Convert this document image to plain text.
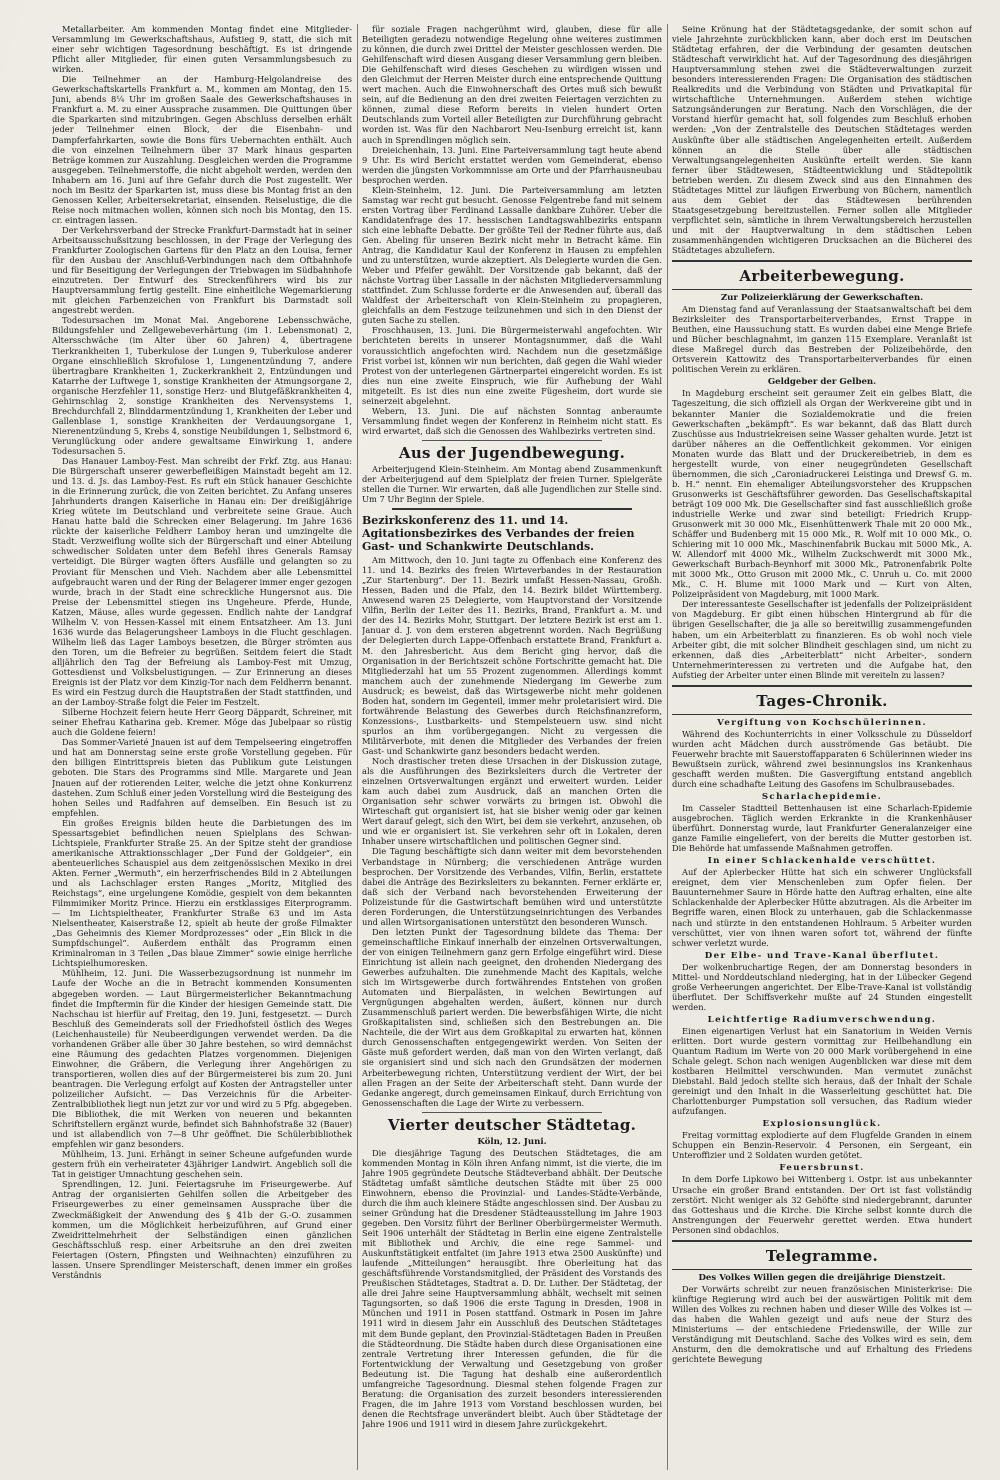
Metallarbeiter. Am kommenden Montag findet eine Mitglieder-Versammlung im Gewerkschaftshaus, Aufstieg 9, statt, die sich mit einer sehr wichtigen Tagesordnung beschäftigt. Es ist dringende Pflicht aller Mitglieder, für einen guten Versammlungsbesuch zu wirken.

Die Teilnehmer an der Hamburg-Helgolandreise des Gewerkschaftskartells Frankfurt a. M., kommen am Montag, den 15. Juni, abends 8¼ Uhr im großen Saale des Gewerkschaftshauses in Frankfurt a. M. zu einer Aussprache zusammen. Die Quittungen über die Sparkarten sind mitzubringen. Gegen Abschluss derselben erhält jeder Teilnehmer einen Block, der die Eisenbahn- und Dampferfahrkarten, sowie die Bons fürs Uebernachten enthält. Auch die von einzelnen Teilnehmern über 37 Mark hinaus gesparten Beträge kommen zur Auszahlung. Desgleichen werden die Programme ausgegeben. Teilnehmerstoffe, die nicht abgeholt werden, werden den Inhabern am 16. Juni auf ihre Gefahr durch die Post zugestellt. Wer noch im Besitz der Sparkarten ist, muss diese bis Montag frist an den Genossen Keller, Arbeitersekretariat, einsenden. Reiselustige, die die Reise noch mitmachen wollen, können sich noch bis Montag, den 15. cr. eintragen lassen.

Der Verkehrsverband der Strecke Frankfurt-Darmstadt hat in seiner Arbeitsausschußsitzung beschlossen, in der Frage der Verlegung des Frankfurter Zoologischen Gartens für den Platz an den Louisa, ferner für den Ausbau der Anschluß-Verbindungen nach dem Oftbahnhofe und für Beseitigung der Verlegungen der Triebwagen im Südbahnhofe einzutreten. Der Entwurf des Streckenführers wird bis zur Hauptversammlung fertig gestellt. Eine einheitliche Wegemarkierung mit gleichen Farbenzeichen von Frankfurt bis Darmstadt soll angestrebt werden.

Todesursachen im Monat Mai. Angeborene Lebensschwäche, Bildungsfehler und Zellgewebeverhärtung (im 1. Lebensmonat) 2, Altersschwäche (im Alter über 60 Jahren) 4, übertragene Tierkrankheiten 1, Tuberkulose der Lungen 9, Tuberkulose anderer Organe einschließlich Skrofulose 1, Lungenentzündung 7, andere übertragbare Krankheiten 1, Zuckerkrankheit 2, Entzündungen und Katarrhe der Luftwege 1, sonstige Krankheiten der Atmungsorgane 2, organische Herzfehler 11, sonstige Herz- und Blutgefäßkrankheiten 4, Gehirnschlag 2, sonstige Krankheiten des Nervensystems 1, Brechdurchfall 2, Blinddarmentzündung 1, Krankheiten der Leber und Gallenblase 1, sonstige Krankheiten der Verdauungsorgane 1, Nierenentzündung 5, Krebs 4, sonstige Neubildungen 1, Selbstmord 6, Verunglückung oder andere gewaltsame Einwirkung 1, andere Todesursachen 5.

Das Hanauer Lamboy-Fest. Man schreibt der Frkf. Ztg. aus Hanau: Die Bürgerschaft unserer gewerbefleißigen Mainstadt begeht am 12. und 13. d. Js. das Lamboy-Fest. Es ruft ein Stück hanauer Geschichte in die Erinnerung zurück, die von Zeiten berichtet. Zu Anfang unseres Jahrhunderts drangen Kaiserliche in Hanau ein: Der dreißigjährige Krieg wütete im Deutschland und verbreitete seine Graue. Auch Hanau hatte bald die Schrecken einer Belagerung. Im Jahre 1636 rückte der kaiserliche Feldherr Lamboy heran und umzingelte die Stadt. Verzweiflung wollte sich der Bürgerschaft und einer Abteilung schwedischer Soldaten unter dem Befehl ihres Generals Ramsay verteidigt. Die Bürger wagten öfters Ausfälle und gelangten so zu Proviant für Menschen und Vieh. Nachdem aber alle Lebensmittel aufgebraucht waren und der Ring der Belagerer immer enger gezogen wurde, brach in der Stadt eine schreckliche Hungersnot aus. Die Preise der Lebensmittel stiegen ins Ungeheure. Pferde, Hunde, Katzen, Mäuse, alles wurde gegessen. Endlich nahte der Landgraf Wilhelm V. von Hessen-Kassel mit einem Entsatzheer. Am 13. Juni 1636 wurde das Belagerungsheer Lamboys in die Flucht geschlagen. Wilhelm ließ das Lager Lamboys besetzen, die Bürger strömten aus den Toren, um die Befreier zu begrüßen. Seitdem feiert die Stadt alljährlich den Tag der Befreiung als Lamboy-Fest mit Umzug, Gottesdienst und Volksbelustigungen. — Zur Erinnerung an dieses Ereignis ist der Platz vor dem Kinzig-Tor nach dem Feldherrn benannt. Es wird ein Festzug durch die Hauptstraßen der Stadt stattfinden, und an der Lamboy-Straße folgt die Feier im Festzelt.

Silberne Hochzeit feiern heute Herr Georg Däppardt, Schreiner, mit seiner Ehefrau Katharina geb. Kremer. Möge das Jubelpaar so rüstig auch die Goldene feiern!

Das Sommer-Varieté Jnauen ist auf dem Tempelseering eingetroffen und hat am Donnerstag seine erste große Vorstellung gegeben. Für den billigen Eintrittspreis bieten das Publikum gute Leistungen geboten. Die Stars des Programms sind Mlle. Margarete und Jean Jnauen auf der rotierenden Leiter, welche die jetzt ohne Konkurrenz dastehen. Zum Schluß einer jeden Vorstellung wird die Besteigung des hohen Seiles und Radfahren auf demselben. Ein Besuch ist zu empfehlen.

Ein großes Ereignis bilden heute die Darbietungen des im Spessartsgebiet befindlichen neuen Spielplans des Schwan-Lichtspiele, Frankfurter Straße 25. An der Spitze steht der grandiose amerikanische Attraktionsschlager „Der Fund der Goldgeier“, ein abenteuerliches Schauspiel aus dem zeitgenössischen Mexiko in drei Akten. Ferner „Wermuth“, ein herzerfrischendes Bild in 2 Abteilungen und als Lachschlager ersten Ranges „Moritz, Mitglied des Reichstags“, eine urgelungene Komödie, gespielt von dem bekannten Filmmimiker Moritz Prince. Hierzu ein erstklassiges Eiterprogramm. — Im Lichtspieltheater, Frankfurter Straße 63 und im Asta Nielsentheater, Kaiserstraße 12, spielt ab heute der große Filmakter „Das Geheimnis des Kiemer Mordprozesses“ oder „Ein Blick in die Sumpfdschungel“. Außerdem enthält das Programm einen Kriminalroman in 3 Teilen „Das blaue Zimmer“ sowie einige herrliche Lichtspielhumoresken.

Mühlheim, 12. Juni. Die Wasserbezugsordnung ist nunmehr im Laufe der Woche an die in Betracht kommenden Konsumenten abgegeben worden. — Laut Bürgermeisterlicher Bekanntmachung findet die Impftermin für die Kinder der hiesigen Gemeinde statt. Die Nachschau ist hierfür auf Freitag, den 19. Juni, festgesetzt. — Durch Beschluß des Gemeinderats soll der Friedhofsteil östlich des Weges (Leichenhausteile) für Neubeerdigungen verwendet werden. Da die vorhandenen Gräber alle über 30 Jahre bestehen, so wird demnächst eine Räumung des gedachten Platzes vorgenommen. Diejenigen Einwohner, die Gräbern, die Verlegung ihrer Angehörigen zu transportieren, wollen dies auf der Bürgermeisterei bis zum 20. Juni beantragen. Die Verlegung erfolgt auf Kosten der Antragsteller unter polizeilicher Aufsicht. — Das Verzeichnis für die Arbeiter-Zentralbibliothek liegt nun jetzt zur vor und wird zu 5 Pfg. abgegeben. Die Bibliothek, die mit Werken von neueren und bekannten Schriftstellern ergänzt wurde, befindet sich Bahnhofstraße 32 (Bauer) und ist allabendlich von 7—8 Uhr geöffnet. Die Schülerbibliothek empfehlen wir ganz besonders.

Mühlheim, 13. Juni. Erhängt in seiner Scheune aufgefunden wurde gestern früh ein verheirateter 43jähriger Landwirt. Angeblich soll die Tat in geistiger Umnachtung geschehen sein.

Sprendlingen, 12. Juni. Feiertagsruhe im Friseurgewerbe. Auf Antrag der organisierten Gehilfen sollen die Arbeitgeber des Friseurgewerbes zu einer gemeinsamen Aussprache über die Zweckmäßigkeit der Anwendung des § 41b der G.-O. zusammen kommen, um die Möglichkeit herbeizuführen, auf Grund einer Zweidrittelmehrheit der Selbständigen einen gänzlichen Geschäftsschluß resp. einer Arbeitsruhe an den drei zweiten Feiertagen (Ostern, Pfingsten und Weihnachten) einzuführen zu lassen. Unsere Sprendlinger Meisterschaft, denen immer ein großes Verständnis

für soziale Fragen nachgerühmt wird, glauben, diese für alle Beteiligten geradezu notwendige Regelung ohne weiteres zustimmen zu können, die durch zwei Drittel der Meister geschlossen werden. Die Gehilfenschaft wird diesen Ausgang dieser Versammlung gern bleiben. Die Gehilfenschaft wird dieses Geschehen zu würdigen wissen und den Gleichmut der Herren Meister durch eine entsprechende Quittung wert machen. Auch die Einwohnerschaft des Ortes muß sich bewußt sein, auf die Bedienung an den drei zweiten Feiertagen verzichten zu können, zumal diese Reform bereits in vielen hundert Orten Deutschlands zum Vorteil aller Beteiligten zur Durchführung gebracht worden ist. Was für den Nachbarort Neu-Isenburg erreicht ist, kann auch in Sprendlingen möglich sein.

Dreieichenhain, 13. Juni. Eine Parteiversammlung tagt heute abend 9 Uhr. Es wird Bericht erstattet werden vom Gemeinderat, ebenso werden die jüngsten Vorkommnisse am Orte und der Pfarrhausneubau besprochen werden.

Klein-Steinheim, 12. Juni. Die Parteiversammlung am letzten Samstag war recht gut besucht. Genosse Felgentrebe fand mit seinem ersten Vortrag über Ferdinand Lassalle dankbare Zuhörer. Ueber die Kandidatenfrage des 17. hessischen Landtagswahlbezirks entspann sich eine lebhafte Debatte. Der größte Teil der Redner führte aus, daß Gen. Abeling für unseren Bezirk nicht mehr in Betracht käme. Ein Antrag, die Kandidatur Kaul der Konferenz in Hausen zu empfehlen und zu unterstützen, wurde akzeptiert. Als Delegierte wurden die Gen. Weber und Pfeifer gewählt. Der Vorsitzende gab bekannt, daß der nächste Vortrag über Lassalle in der nächsten Mitgliederversammlung stattfindet. Zum Schlusse forderte er die Anwesenden auf, überall das Waldfest der Arbeiterschaft von Klein-Steinheim zu propagieren, gleichfalls an dem Festzuge teilzunehmen und sich in den Dienst der guten Sache zu stellen.

Froschhausen, 13. Juni. Die Bürgermeisterwahl angefochten. Wir berichteten bereits in unserer Montagsnummer, daß die Wahl voraussichtlich angefochten wird. Nachdem nun die gesetzmäßige Frist vorbei ist, können wir nun berichten, daß gegen die Wahl wieder Protest von der unterlegenen Gärtnerpartei eingereicht worden. Es ist dies nun eine zweite Einspruch, wie für Aufhebung der Wahl mitgeteilt. Es ist dies nun eine zweite Fügesheim, dort wurde sie seinerzeit abgelehnt.

Webern, 13. Juni. Die auf nächsten Sonntag anberaumte Versammlung findet wegen der Konferenz in Reinheim nicht statt. Es wird erwartet, daß sich die Genossen des Wahlbezirks vertreten sind.

Aus der Jugendbewegung.

Arbeiterjugend Klein-Steinheim. Am Montag abend Zusammenkunft der Arbeiterjugend auf dem Spielplatz der freien Turner. Spielgeräte stellen die Turner. Wir erwarten, daß alle Jugendlichen zur Stelle sind. Um 7 Uhr Beginn der Spiele.

Bezirkskonferenz des 11. und 14. Agitationsbezirkes des Verbandes der freien Gast- und Schankwirte Deutschlands.

Am Mittwoch, den 10. Juni tagte zu Offenbach eine Konferenz des 11. und 14. Bezirks des freien Wirteverbandes in der Restauration „Zur Startenburg“. Der 11. Bezirk umfaßt Hessen-Nassau, Großh. Hessen, Baden und die Pfalz, den 14. Bezirk bildet Württemberg. Anwesend waren 25 Delegierte, vom Hauptvorstand der Vorsitzende Vilfin, Berlin der Leiter des 11. Bezirks, Brand, Frankfurt a. M. und der des 14. Bezirks Mohr, Stuttgart. Der letztere Bezirk ist erst am 1. Januar d. J. von dem ersteren abgetrennt worden. Nach Begrüßung der Delegierten durch Lappe-Offenbach erstattete Brand, Frankfurt a. M. den Jahresbericht. Aus dem Bericht ging hervor, daß die Organisation in der Berichtszeit schöne Fortschritte gemacht hat. Die Mitgliederzahl hat um 55 Prozent zugenommen. Allerdings kommt manchem auch der zunehmende Niedergang im Gewerbe zum Ausdruck; es beweist, daß das Wirtsgewerbe nicht mehr goldenen Boden hat, sondern im Gegenteil, immer mehr proletarisiert wird. Die fortwährende Belastung des Gewerbes durch Reichsfinanzreform, Konzessions-, Lustbarkeits- und Stempelsteuern usw. sind nicht spurlos an ihm vorübergegangen. Nicht zu vergessen die Militärverbote, mit denen die Mitglieder des Verbandes der freien Gast- und Schankwirte ganz besonders bedacht werden.

Noch drastischer treten diese Ursachen in der Diskussion zutage, als die Ausführungen des Bezirksleiters durch die Vertreter der einzelnen Ortsverwaltungen ergänzt und erweitert wurden. Leider kam auch dabei zum Ausdruck, daß an manchen Orten die Organisation sehr schwer vorwärts zu bringen ist. Obwohl die Wirteschaft gut organisiert ist, hat sie bisher wenig oder gar keinen Wert darauf gelegt, sich den Wirt, bei dem sie verkehrt, anzusehen, ob und wie er organisiert ist. Sie verkehren sehr oft in Lokalen, deren Inhaber unsere wirtschaftlichen und politischen Gegner sind.

Die Tagung beschäftigte sich dann weiter mit dem bevorstehenden Verbandstage in Nürnberg; die verschiedenen Anträge wurden besprochen. Der Vorsitzende des Verbandes, Vilfin, Berlin, erstattete dabei die Anträge des Bezirksleiters zu bekannten. Ferner erklärte er, daß sich der Verband nach bevorstehenden Erweiterung der Polizeistunde für die Gastwirtschaft bemühen wird und unterstützte deren Forderungen, die Unterstützungseinrichtungen des Verbandes und allen Wirtsorganisationen unterstützt den besonderen Wunsch.

Den letzten Punkt der Tagesordnung bildete das Thema: Der gemeinschaftliche Einkauf innerhalb der einzelnen Ortsverwaltungen, der von einigen Teilnehmern ganz gern Erfolge eingeführt wird. Diese Einrichtung ist allein nach geeignet, den drohenden Niedergang des Gewerbes aufzuhalten. Die zunehmende Macht des Kapitals, welche sich im Wirtsgewerbe durch fortwährendes Entstehen von großen Automaten und Bierpalästen, in welchen Bewirtungen auf Vergnügungen abgehalten werden, äußert, können nur durch Zusammenschluß pariert werden. Die bewerbsfähigen Wirte, die nicht Großkapitalisten sind, schließen sich den Bestrebungen an. Die Nachteile, die der Wirt aus dem Großkapital zu erwarten hat, können durch Genossenschaften entgegengewirkt werden. Von Seiten der Gäste muß gefordert werden, daß man von den Wirten verlangt, daß sie organisiert sind und sich nach den Grundsätzen der modernen Arbeiterbewegung richten, Unterstützung verdient der Wirt, der bei allen Fragen an der Seite der Arbeiterschaft steht. Dann wurde der Gedanke angeregt, durch gemeinsamen Einkauf, durch Errichtung von Genossenschaften die Lage der Wirte zu verbessern.

Vierter deutscher Städtetag.
Köln, 12. Juni.

Die diesjährige Tagung des Deutschen Städtetages, die am kommenden Montag in Köln ihren Anfang nimmt, ist die vierte, die im Jahre 1905 gegründete Deutsche Städteverband abhält. Der Deutsche Städtetag umfaßt sämtliche deutschen Städte mit über 25 000 Einwohnern, ebenso die Provinzial- und Landes-Städte-Verbände, durch die ihm auch kleinere Städte angeschlossen sind. Der Ausbau zu seiner Gründung hat die Dresdener Städteausstellung im Jahre 1903 gegeben. Den Vorsitz führt der Berliner Oberbürgermeister Wermuth. Seit 1906 unterhält der Städtetag in Berlin eine eigene Zentralstelle mit Bibliothek und Archiv, die eine rege Sammel- und Auskunftstätigkeit entfaltet (im Jahre 1913 etwa 2500 Auskünfte) und laufende „Mitteilungen“ herausgibt. Ihre Oberleitung hat das geschäftsführende Vorstandsmitglied, der Präsident des Vorstands des Preußischen Städtetages, Stadtrat a. D. Dr. Luther. Der Städtetag, der alle drei Jahre seine Hauptversammlung abhält, wechselt mit seinen Tagungsorten, so daß 1906 die erste Tagung in Dresden, 1908 in München und 1911 in Posen stattfand. Ostmark in Posen im Jahre 1911 wird in diesem Jahr ein Ausschluß des Deutschen Städtetages mit dem Bunde geplant, den Provinzial-Städtetagen Baden in Preußen die Städteordnung. Die Städte haben durch diese Organisationen eine zentrale Vertretung ihrer Interessen gefunden, die für die Fortentwicklung der Verwaltung und Gesetzgebung von großer Bedeutung ist. Die Tagung hat deshalb eine außerordentlich umfangreiche Tagesordnung. Diesmal stehen folgende Fragen zur Beratung: die Organisation des zurzeit besonders interessierenden Fragen, die im Jahre 1913 vom Vorstand beschlossen wurden, bei denen die Rechtsfrage unverändert bleibt. Auch über Städtetage der Jahre 1906 und 1911 wird in diesem Jahre zurückgekehrt.

Seine Krönung hat der Städtetagsgedanke, der somit schon auf viele Jahrzehnte zurückblicken kann, aber doch erst im Deutschen Städtetag erfahren, der die Verbindung der gesamten deutschen Städteschaft verwirklicht hat. Auf der Tagesordnung des diesjährigen Hauptversammlung stehen zwei die Städteverwaltungen zurzeit besonders interessierenden Fragen: Die Organisation des städtischen Realkredits und die Verbindung von Städten und Privatkapital für wirtschaftliche Unternehmungen. Außerdem stehen wichtige Satzungsänderungen zur Beratung. Nach den Vorschlägen, die der Vorstand hierfür gemacht hat, soll folgendes zum Beschluß erhoben werden: „Von der Zentralstelle des Deutschen Städtetages werden Auskünfte über alle städtischen Angelegenheiten erteilt. Außerdem können an die Stelle über alle städtischen Verwaltungsangelegenheiten Auskünfte erteilt werden. Sie kann ferner über Städtewesen, Städteentwicklung und Städtepolitik betrieben werden. Zu diesem Zweck sind aus den Einnahmen des Städtetages Mittel zur läufigen Erwerbung von Büchern, namentlich aus dem Gebiet der das Städtewesen berührenden Staatsgesetzgebung bereitzustellen. Ferner sollen alle Mitglieder verpflichtet sein, sämtliche in ihrem Verwaltungsbereich herzustellen und mit der Hauptverwaltung in dem städtischen Leben zusammenhängenden wichtigeren Drucksachen an die Bücherei des Städtetages abzuliefern.

Arbeiterbewegung.
Zur Polizeierklärung der Gewerkschaften.

Am Dienstag fand auf Veranlassung der Staatsanwaltschaft bei dem Bezirksleiter des Transportarbeiterverbandes, Ernst Trappe in Beuthen, eine Haussuchung statt. Es wurden dabei eine Menge Briefe und Bücher beschlagnahmt, im ganzen 115 Exemplare. Veranlaßt ist diese Maßregel durch das Bestreben der Polizeibehörde, den Ortsverein Kattowitz des Transportarbeiterverbandes für einen politischen Verein zu erklären.

Geldgeber der Gelben.

In Magdeburg erscheint seit geraumer Zeit ein gelbes Blatt, die Tageszeitung, die sich offiziell als Organ der Werkvereine gibt und in bekannter Manier die Sozialdemokratie und die freien Gewerkschaften „bekämpft“. Es war bekannt, daß das Blatt durch Zuschüsse aus Industriekreisen seine Wasser gehalten wurde. Jetzt ist darüber näheres an die Oeffentlichkeit gekommen. Vor einigen Monaten wurde das Blatt und der Druckereibetrieb, in dem es hergestellt wurde, von einer neugegründeten Gesellschaft übernommen, die sich „Caroniadruckerei Leistinga und Drewsf G. m. b. H.“ nennt. Ein ehemaliger Abteilungsvorsteher des Kruppschen Grusonwerks ist Geschäftsführer geworden. Das Gesellschaftskapital beträgt 109 000 Mk. Die Gesellschafter sind fast ausschließlich große industrielle Werke und zwar sind beteiligt: Friedrich Krupp-Grusonwerk mit 30 000 Mk., Eisenhüttenwerk Thale mit 20 000 Mk., Schäffer und Budenberg mit 15 000 Mk., R. Wolf mit 10 000 Mk., O. Schiering mit 10 000 Mk., Maschinenfabrik Buckau mit 5000 Mk., A. W. Allendorf mit 4000 Mk., Wilhelm Zuckschwerdt mit 3000 Mk., Gewerkschaft Burbach-Beynhorf mit 3000 Mk., Patronenfabrik Polte mit 3000 Mk., Otto Gruson mit 2000 Mk., C. Unruh u. Co. mit 2000 Mk., C. H. Blume mit 1000 Mark und — Kurt von Alten, Polizeipräsident von Magdeburg, mit 1000 Mark.

Der interessanteste Gesellschafter ist jedenfalls der Polizeipräsident von Magdeburg. Er gibt einen hübschen Hintergrund ab für die übrigen Gesellschafter, die ja alle so bereitwillig zusammengefunden haben, um ein Arbeiterblatt zu finanzieren. Es ob wohl noch viele Arbeiter gibt, die mit solcher Blindheit geschlagen sind, um nicht zu erkennen, daß dies „Arbeiterblatt“ nicht Arbeiter-, sondern Unternehmerinteressen zu vertreten und die Aufgabe hat, den Aufstieg der Arbeiter unter einen Blinde mit vereiteln zu lassen?

Tages-Chronik.
Vergiftung von Kochschülerinnen.

Während des Kochunterrichts in einer Volksschule zu Düsseldorf wurden acht Mädchen durch ausströmende Gas betäubt. Die Feuerwehr brachte mit Sauerstoffapparaten 6 Schülerinnen wieder ins Bewußtsein zurück, während zwei besinnungslos ins Krankenhaus geschafft werden mußten. Die Gasvergiftung entstand angeblich durch eine schadhafte Leitung des Gasofens im Schulbrausebades.

Scharlachepidemie.

Im Casseler Stadtteil Bettenhausen ist eine Scharlach-Epidemie ausgebrochen. Täglich werden Erkrankte in die Krankenhäuser überführt. Donnerstag wurde, laut Frankfurter Generalanzeiger eine ganze Familie eingeliefert, von der bereits die Mutter gestorben ist. Die Behörde hat umfassende Maßnahmen getroffen.

In einer Schlackenhalde verschüttet.

Auf der Aplerbecker Hütte hat sich ein schwerer Unglücksfall ereignet, dem vier Menschenleben zum Opfer fielen. Der Bauunternehmer Saure in Hörde hatte den Auftrag erhalten, eine alte Schlackenhalde der Aplerbecker Hütte abzutragen. Als die Arbeiter im Begriffe waren, einen Block zu unterhauen, gab die Schlackenmasse nach und stürzte in den entstandenen Hohlraum. 5 Arbeiter wurden verschüttet, vier von ihnen waren sofort tot, während der fünfte schwer verletzt wurde.

Der Elbe- und Trave-Kanal überflutet.

Der wolkenbruchartige Regen, der am Donnerstag besonders in Mittel- und Norddeutschland niederging, hat in der Lübecker Gegend große Verheerungen angerichtet. Der Elbe-Trave-Kanal ist vollständig überflutet. Der Schiffsverkehr mußte auf 24 Stunden eingestellt werden.

Leichtfertige Radiumverschwendung.

Einen eigenartigen Verlust hat ein Sanatorium in Weiden Vernis erlitten. Dort wurde gestern vormittag zur Heilbehandlung ein Quantum Radium im Werte von 20 000 Mark vorübergehend in eine Schale gelegt. Schon nach wenigen Augenblicken war diese mit dem kostbaren Heilmittel verschwunden. Man vermutet zunächst Diebstahl. Bald jedoch stellte sich heraus, daß der Inhalt der Schale gereinigt und den Inhalt in die Wasserleitung geschüttet hat. Die Charlottenburger Pumpstation soll versuchen, das Radium wieder aufzufangen.

Explosionsunglück.

Freitag vormittag explodierte auf dem Flugfelde Granden in einem Schuppen ein Benzin-Reservoir. 4 Personen, ein Sergeant, ein Unteroffizier und 2 Soldaten wurden getötet.

Feuersbrunst.

In dem Dorfe Lipkowo bei Wittenberg i. Ostpr. ist aus unbekannter Ursache ein großer Brand entstanden. Der Ort ist fast vollständig zerstört. Nicht weniger als 32 Gehöfte sind niedergebrannt, darunter das Gotteshaus und die Kirche. Die Kirche selbst konnte durch die Anstrengungen der Feuerwehr gerettet werden. Etwa hundert Personen sind obdachlos.

Telegramme.
Des Volkes Willen gegen die dreijährige Dienstzeit.

Der Vorwärts schreibt zur neuen französischen Ministerkrise: Die künftige Regierung wird auch bei der auswärtigen Politik mit dem Willen des Volkes zu rechnen haben und dieser Wille des Volkes ist — das haben die Wahlen gezeigt und aufs neue der Sturz des Ministeriums — der entschiedene Friedenswille, der Wille zur Verständigung mit Deutschland. Sache des Volkes wird es sein, dem Ansturm, den die demokratische und auf Erhaltung des Friedens gerichtete Bewegung
